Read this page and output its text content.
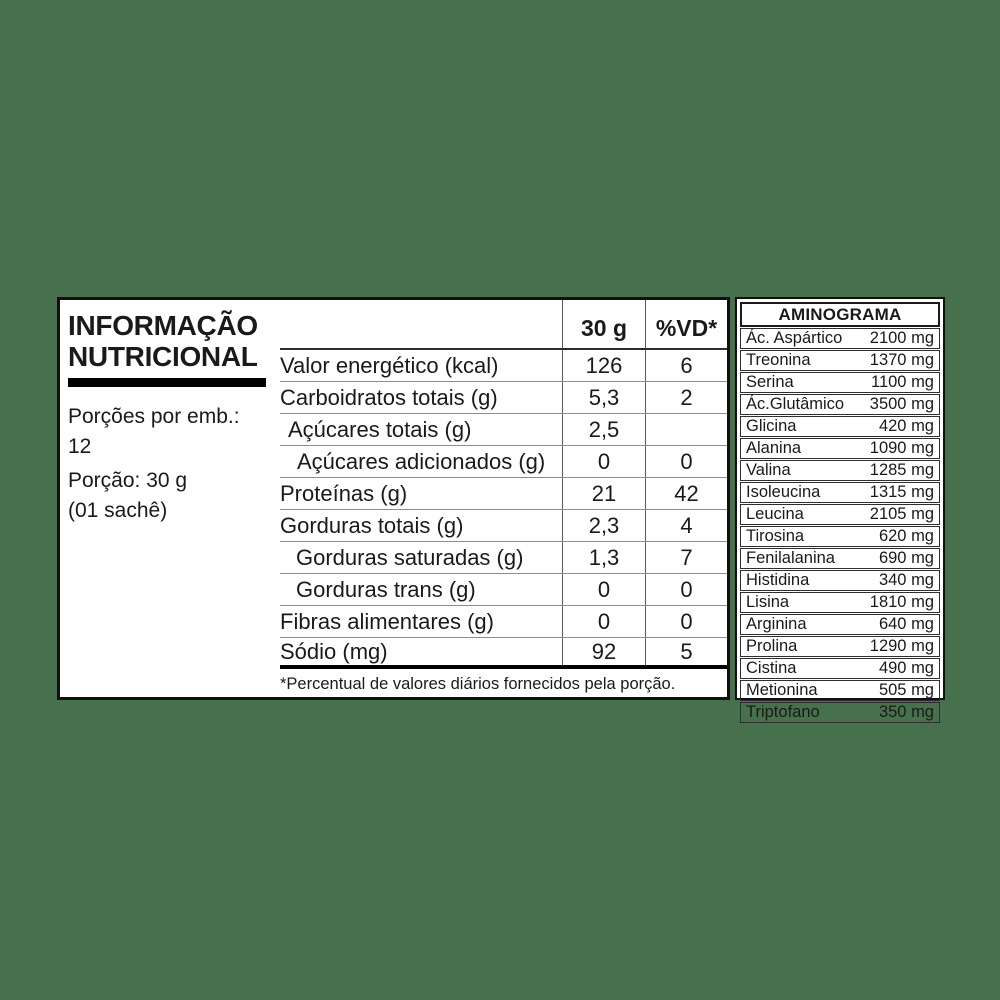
INFORMAÇÃO
NUTRICIONAL
Porções por emb.:
12
Porção: 30 g
(01 sachê)
30 g	%VD*
Valor energético (kcal)	126	6
Carboidratos totais (g)	5,3	2
Açúcares totais (g)	2,5
Açúcares adicionados (g)	0	0
Proteínas (g)	21	42
Gorduras totais (g)	2,3	4
Gorduras saturadas (g)	1,3	7
Gorduras trans (g)	0	0
Fibras alimentares (g)	0	0
Sódio (mg)	92	5
*Percentual de valores diários fornecidos pela porção.
AMINOGRAMA
Ác. Aspártico 2100 mg
Treonina	1370 mg
Serina	1100 mg
Ác.Glutâmico 3500 mg
Glicina	420 mg
Alanina	1090 mg
Valina	1285 mg
Isoleucina	1315 mg
Leucina	2105 mg
Tirosina	620 mg
Fenilalanina	690 mg
Histidina	340 mg
Lisina	1810 mg
Arginina	640 mg
Prolina	1290 mg
Cistina	490 mg
Metionina	505 mg
Triptofano	350 mg
